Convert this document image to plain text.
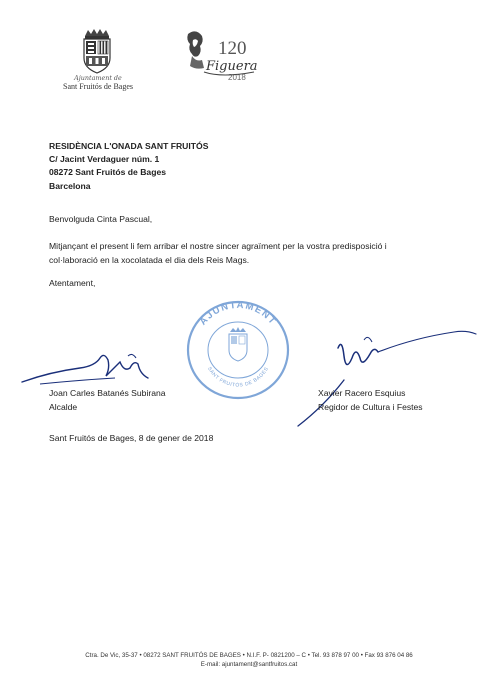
Ajuntament de
Sant Fruitós de Bages
120
Figuera
2018
RESIDÈNCIA L'ONADA SANT FRUITÓS
C/ Jacint Verdaguer núm. 1
08272 Sant Fruitós de Bages
Barcelona
Benvolguda Cinta Pascual,
Mitjançant el present li fem arribar el nostre sincer agraïment per la vostra predisposició i
col·laboració en la xocolatada el dia dels Reis Mags.
Atentament,
AJUNTAMENT
SANT FRUITÓS DE BAGES
Joan Carles Batanés Subirana
Alcalde
Xavier Racero Esquius
Regidor de Cultura i Festes
Sant Fruitós de Bages, 8 de gener de 2018
Ctra. De Vic, 35-37 • 08272 SANT FRUITÓS DE BAGES • N.I.F. P- 0821200 – C • Tel. 93 878 97 00 • Fax 93 876 04 86
E-mail: ajuntament@santfruitos.cat
